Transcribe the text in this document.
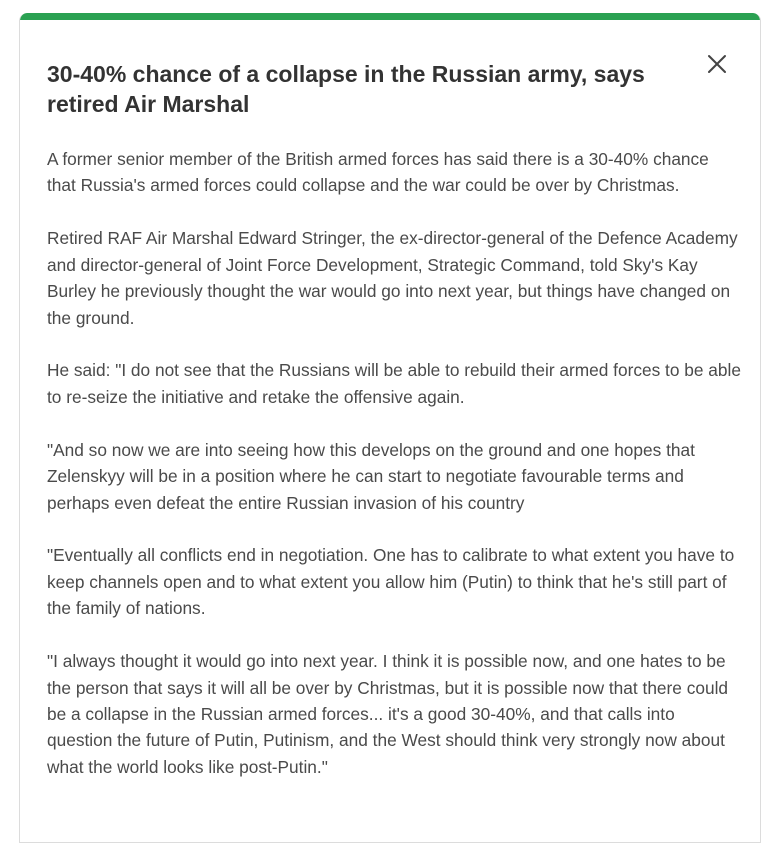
30-40% chance of a collapse in the Russian army, says retired Air Marshal

A former senior member of the British armed forces has said there is a 30-40% chance that Russia's armed forces could collapse and the war could be over by Christmas.

Retired RAF Air Marshal Edward Stringer, the ex-director-general of the Defence Academy and director-general of Joint Force Development, Strategic Command, told Sky's Kay Burley he previously thought the war would go into next year, but things have changed on the ground.

He said: "I do not see that the Russians will be able to rebuild their armed forces to be able to re-seize the initiative and retake the offensive again.

"And so now we are into seeing how this develops on the ground and one hopes that Zelenskyy will be in a position where he can start to negotiate favourable terms and perhaps even defeat the entire Russian invasion of his country

"Eventually all conflicts end in negotiation. One has to calibrate to what extent you have to keep channels open and to what extent you allow him (Putin) to think that he's still part of the family of nations.

"I always thought it would go into next year. I think it is possible now, and one hates to be the person that says it will all be over by Christmas, but it is possible now that there could be a collapse in the Russian armed forces... it's a good 30-40%, and that calls into question the future of Putin, Putinism, and the West should think very strongly now about what the world looks like post-Putin."
